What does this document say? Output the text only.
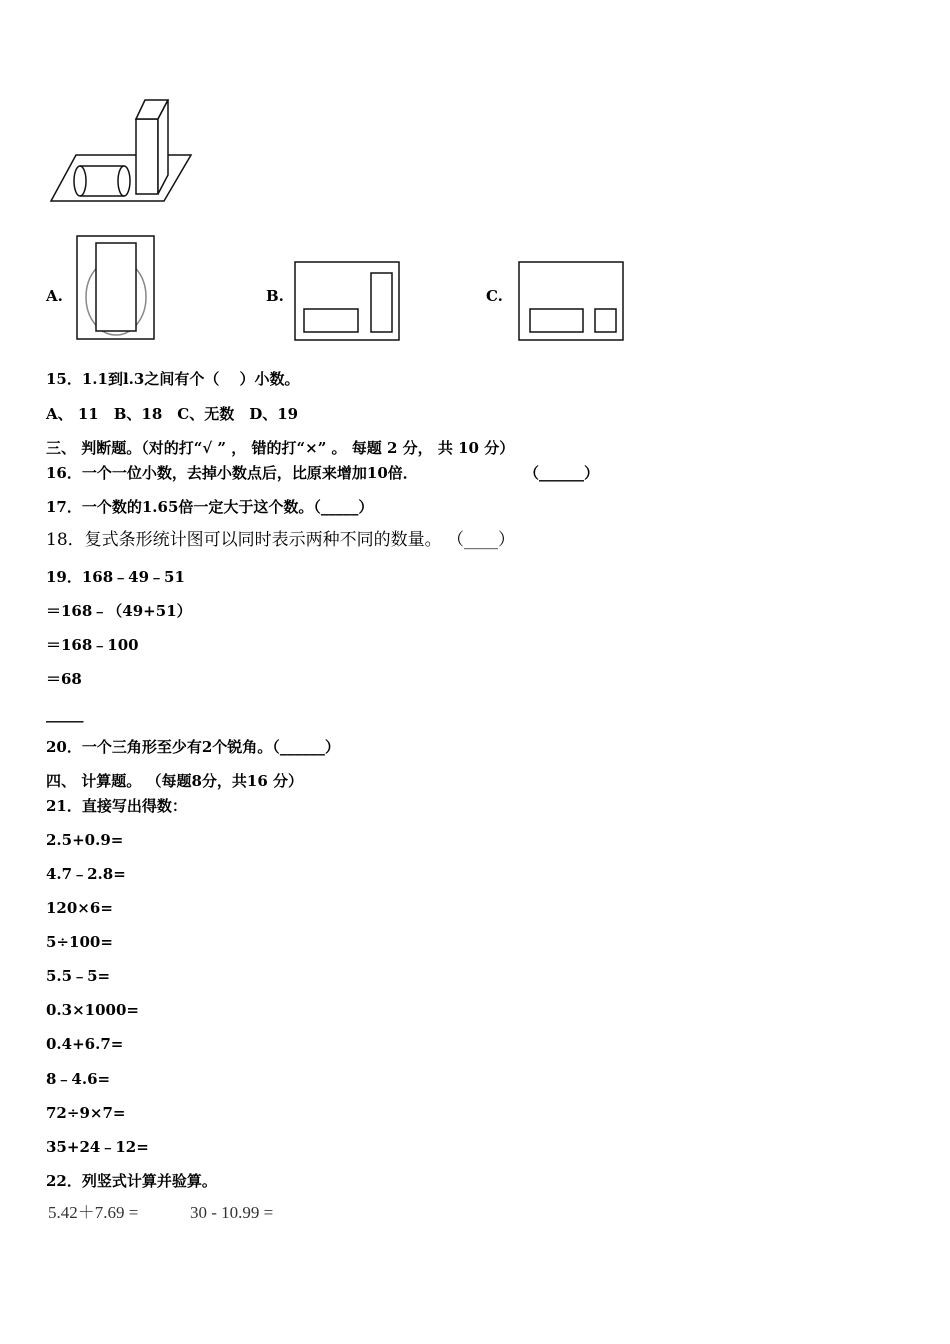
A.	B.	C.
15．1.1到l.3之间有个（　 ）小数。
A、 11　B、18　C、无数　D、19
三、 判断题。（对的打“√ ” ， 错的打“×” 。 每题 2 分， 共 10 分）
16．一个一位小数，去掉小数点后，比原来增加10倍．	（______）
17．一个数的1.65倍一定大于这个数。（_____）
18．复式条形统计图可以同时表示两种不同的数量。 （____）
19．168﹣49﹣51
＝168﹣（49+51）
＝168﹣100
＝68
_____
20．一个三角形至少有2个锐角。（______）
四、 计算题。 （每题8分，共16 分）
21．直接写出得数：
2.5+0.9=
4.7﹣2.8=
120×6=
5÷100=
5.5﹣5=
0.3×1000=
0.4+6.7=
8﹣4.6=
72÷9×7=
35+24﹣12=
22．列竖式计算并验算。
5.42＋7.69 =	30 - 10.99 =
